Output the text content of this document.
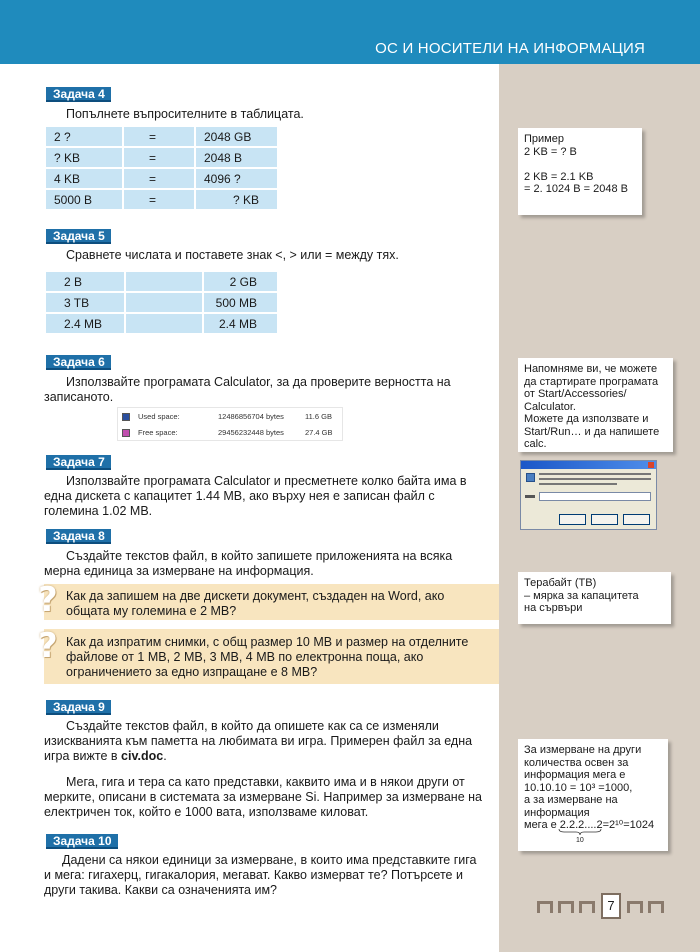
ОС И НОСИТЕЛИ НА ИНФОРМАЦИЯ
Задача 4
Попълнете въпросителните в таблицата.
2 ?	=	2048 GB
? KB	=	2048 B
4 KB	=	4096 ?
5000 B	=	? KB
Задача 5
Сравнете числата и поставете знак <, > или = между тях.
2 B		2 GB
3 TB		500 MB
2.4 MB		2.4 MB
Задача 6
Използвайте програмата Calculator, за да проверите верността на записаното.
Used space:	12486856704 bytes	11.6 GB
Free space:	29456232448 bytes	27.4 GB
Задача 7
Използвайте програмата Calculator и пресметнете колко байта има в една дискета с капацитет 1.44 MB, ако върху нея е записан файл с големина 1.02 MB.
Задача 8
Създайте текстов файл, в който запишете приложенията на всяка мерна единица за измерване на информация.
? Как да запишем на две дискети документ, създаден на Word, ако общата му големина е 2 MB?
? Как да изпратим снимки, с общ размер 10 MB и размер на отделните файлове от 1 MB, 2 MB, 3 MB, 4 MB по електронна поща, ако ограничението за едно изпращане е 8 MB?
Задача 9
Създайте текстов файл, в който да опишете как са се изменяли изискванията към паметта на любимата ви игра. Примерен файл за една игра вижте в civ.doc.
Мега, гига и тера са като представки, каквито има и в някои други от мерките, описани в системата за измерване Si. Например за измерване на електричен ток, който е 1000 вата, използваме киловат.
Задача 10
Дадени са някои единици за измерване, в които има представките гига и мега: гигахерц, гигакалория, мегават. Какво измерват те? Потърсете и други такива. Какви са означенията им?
Пример
2 KB = ? B
2 KB = 2.1 KB
= 2. 1024 B = 2048 B
Напомняме ви, че можете
да стартирате програмата
от Start/Accessories/
Calculator.
Можете да използвате и
Start/Run… и да напишете
calc.
Терабайт (TB)
– мярка за капацитета
на сървъри
За измерване на други
количества освен за
информация мега е
10.10.10 = 10³ =1000,
а за измерване на
информация
мега е 2.2.2....2=2¹⁰=1024
10
7
